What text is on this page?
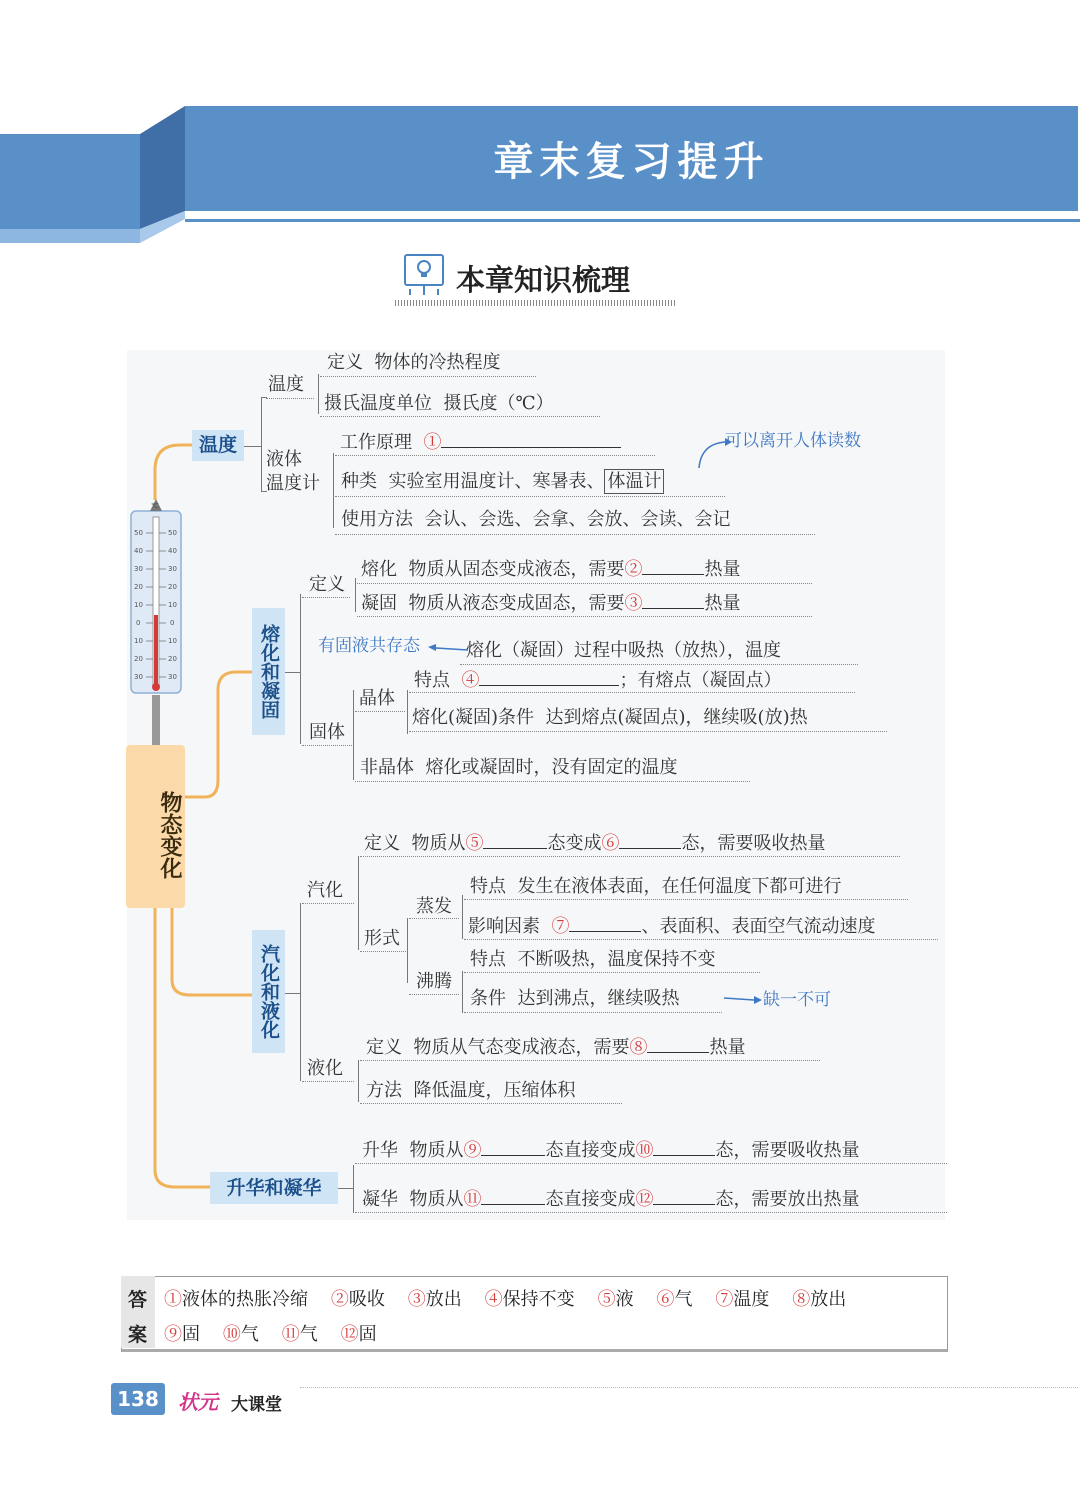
章末复习提升
本章知识梳理
℃
50	50
40	40
30	30
20	20
10	10
0	0
10	10
20	20
30	30
物态变化
温度
熔化和凝固
汽化和液化
升华和凝华
温度
定义 物体的冷热程度
摄氏温度单位 摄氏度（℃）
液体
温度计
工作原理 ①
种类 实验室用温度计、寒暑表、 体温计
可以离开人体读数
使用方法 会认、会选、会拿、会放、会读、会记
定义
熔化 物质从固态变成液态，需要②	热量
凝固 物质从液态变成固态，需要③	热量
有固液共存态	熔化（凝固）过程中吸热（放热），温度
晶体
特点 ④	；有熔点（凝固点）
熔化(凝固)条件 达到熔点(凝固点)，继续吸(放)热
固体
非晶体 熔化或凝固时，没有固定的温度
汽化
定义 物质从⑤	态变成⑥	态，需要吸收热量
形式
蒸发
特点 发生在液体表面，在任何温度下都可进行
影响因素 ⑦	、表面积、表面空气流动速度
沸腾
特点 不断吸热，温度保持不变
条件 达到沸点，继续吸热	缺一不可
液化
定义 物质从气态变成液态，需要⑧	热量
方法 降低温度，压缩体积
升华 物质从⑨	态直接变成⑩	态，需要吸收热量
凝华 物质从⑪	态直接变成⑫	态，需要放出热量
答
案
①液体的热胀冷缩 ②吸收 ③放出 ④保持不变 ⑤液 ⑥气 ⑦温度 ⑧放出
⑨固 ⑩气 ⑪气 ⑫固
138 状元 大课堂
